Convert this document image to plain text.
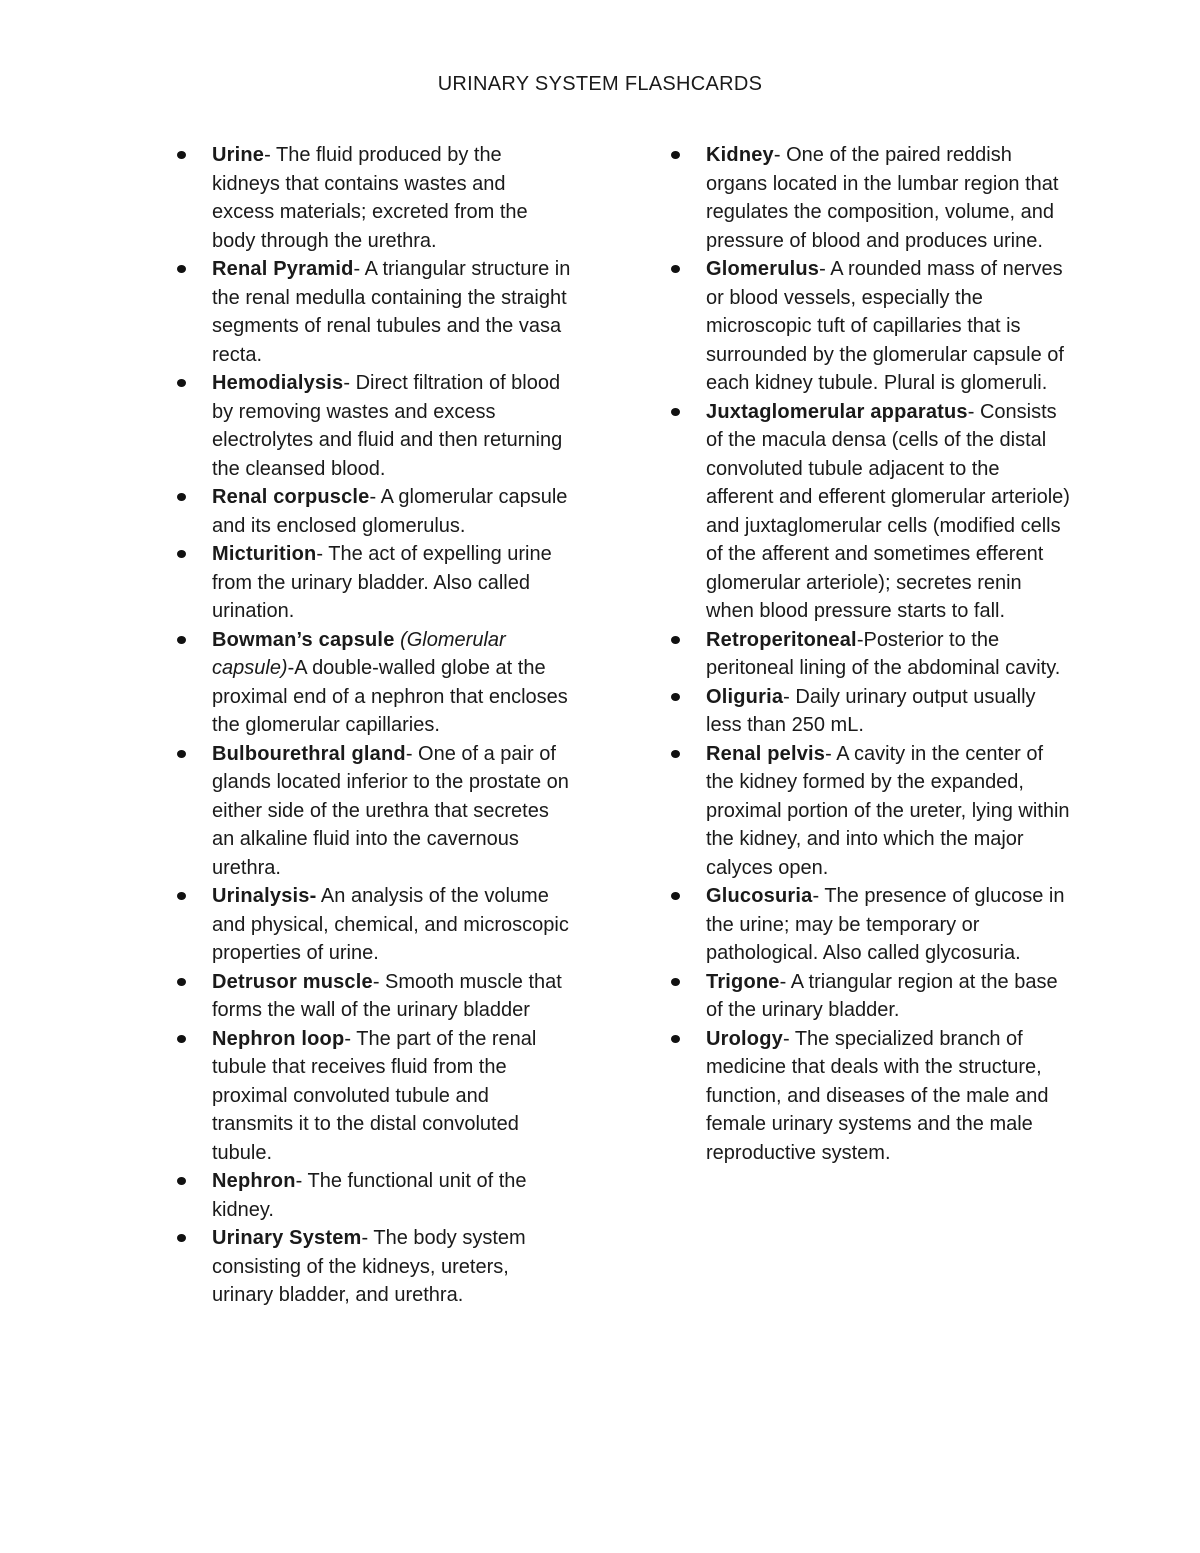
URINARY SYSTEM FLASHCARDS
Urine- The fluid produced by the kidneys that contains wastes and excess materials; excreted from the body through the urethra.
Renal Pyramid- A triangular structure in the renal medulla containing the straight segments of renal tubules and the vasa recta.
Hemodialysis- Direct filtration of blood by removing wastes and excess electrolytes and fluid and then returning the cleansed blood.
Renal corpuscle- A glomerular capsule and its enclosed glomerulus.
Micturition- The act of expelling urine from the urinary bladder. Also called urination.
Bowman’s capsule (Glomerular capsule)-A double-walled globe at the proximal end of a nephron that encloses the glomerular capillaries.
Bulbourethral gland- One of a pair of glands located inferior to the prostate on either side of the urethra that secretes an alkaline fluid into the cavernous urethra.
Urinalysis- An analysis of the volume and physical, chemical, and microscopic properties of urine.
Detrusor muscle- Smooth muscle that forms the wall of the urinary bladder
Nephron loop- The part of the renal tubule that receives fluid from the proximal convoluted tubule and transmits it to the distal convoluted tubule.
Nephron- The functional unit of the kidney.
Urinary System- The body system consisting of the kidneys, ureters, urinary bladder, and urethra.
Kidney- One of the paired reddish organs located in the lumbar region that regulates the composition, volume, and pressure of blood and produces urine.
Glomerulus- A rounded mass of nerves or blood vessels, especially the microscopic tuft of capillaries that is surrounded by the glomerular capsule of each kidney tubule. Plural is glomeruli.
Juxtaglomerular apparatus- Consists of the macula densa (cells of the distal convoluted tubule adjacent to the afferent and efferent glomerular arteriole) and juxtaglomerular cells (modified cells of the afferent and sometimes efferent glomerular arteriole); secretes renin when blood pressure starts to fall.
Retroperitoneal-Posterior to the peritoneal lining of the abdominal cavity.
Oliguria- Daily urinary output usually less than 250 mL.
Renal pelvis- A cavity in the center of the kidney formed by the expanded, proximal portion of the ureter, lying within the kidney, and into which the major calyces open.
Glucosuria- The presence of glucose in the urine; may be temporary or pathological. Also called glycosuria.
Trigone- A triangular region at the base of the urinary bladder.
Urology- The specialized branch of medicine that deals with the structure, function, and diseases of the male and female urinary systems and the male reproductive system.
